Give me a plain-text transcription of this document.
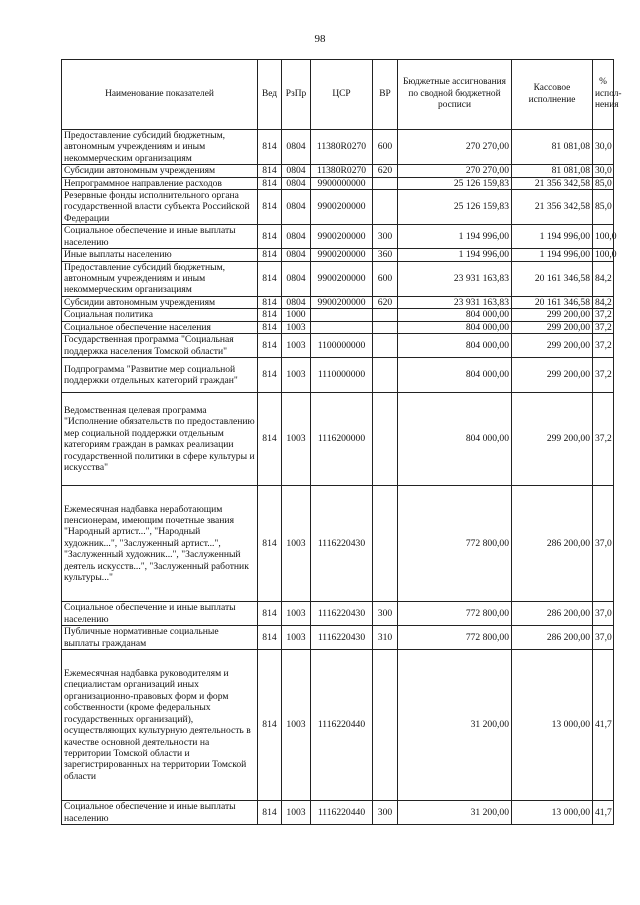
98
Наименование показателей	Вед	РзПр	ЦСР	ВР	Бюджетные ассигнования по сводной бюджетной росписи	Кассовое исполнение	% испол-нения
Предоставление субсидий бюджетным, автономным учреждениям и иным некоммерческим организациям	814	0804	11380R0270	600	270 270,00	81 081,08	30,0
Субсидии автономным учреждениям	814	0804	11380R0270	620	270 270,00	81 081,08	30,0
Непрограммное направление расходов	814	0804	9900000000		25 126 159,83	21 356 342,58	85,0
Резервные фонды исполнительного органа государственной власти субъекта Российской Федерации	814	0804	9900200000		25 126 159,83	21 356 342,58	85,0
Социальное обеспечение и иные выплаты населению	814	0804	9900200000	300	1 194 996,00	1 194 996,00	100,0
Иные выплаты населению	814	0804	9900200000	360	1 194 996,00	1 194 996,00	100,0
Предоставление субсидий бюджетным, автономным учреждениям и иным некоммерческим организациям	814	0804	9900200000	600	23 931 163,83	20 161 346,58	84,2
Субсидии автономным учреждениям	814	0804	9900200000	620	23 931 163,83	20 161 346,58	84,2
Социальная политика	814	1000			804 000,00	299 200,00	37,2
Социальное обеспечение населения	814	1003			804 000,00	299 200,00	37,2
Государственная программа "Социальная поддержка населения Томской области"	814	1003	1100000000		804 000,00	299 200,00	37,2
Подпрограмма "Развитие мер социальной поддержки отдельных категорий граждан"	814	1003	1110000000		804 000,00	299 200,00	37,2
Ведомственная целевая программа "Исполнение обязательств по предоставлению мер социальной поддержки отдельным категориям граждан в рамках реализации государственной политики в сфере культуры и искусства"	814	1003	1116200000		804 000,00	299 200,00	37,2
Ежемесячная надбавка неработающим пенсионерам, имеющим почетные звания "Народный артист...", "Народный художник...", "Заслуженный артист...", "Заслуженный художник...", "Заслуженный деятель искусств...", "Заслуженный работник культуры..."	814	1003	1116220430		772 800,00	286 200,00	37,0
Социальное обеспечение и иные выплаты населению	814	1003	1116220430	300	772 800,00	286 200,00	37,0
Публичные нормативные социальные выплаты гражданам	814	1003	1116220430	310	772 800,00	286 200,00	37,0
Ежемесячная надбавка руководителям и специалистам организаций иных организационно-правовых форм и форм собственности (кроме федеральных государственных организаций), осуществляющих культурную деятельность в качестве основной деятельности на территории Томской области и зарегистрированных на территории Томской области	814	1003	1116220440		31 200,00	13 000,00	41,7
Социальное обеспечение и иные выплаты населению	814	1003	1116220440	300	31 200,00	13 000,00	41,7
